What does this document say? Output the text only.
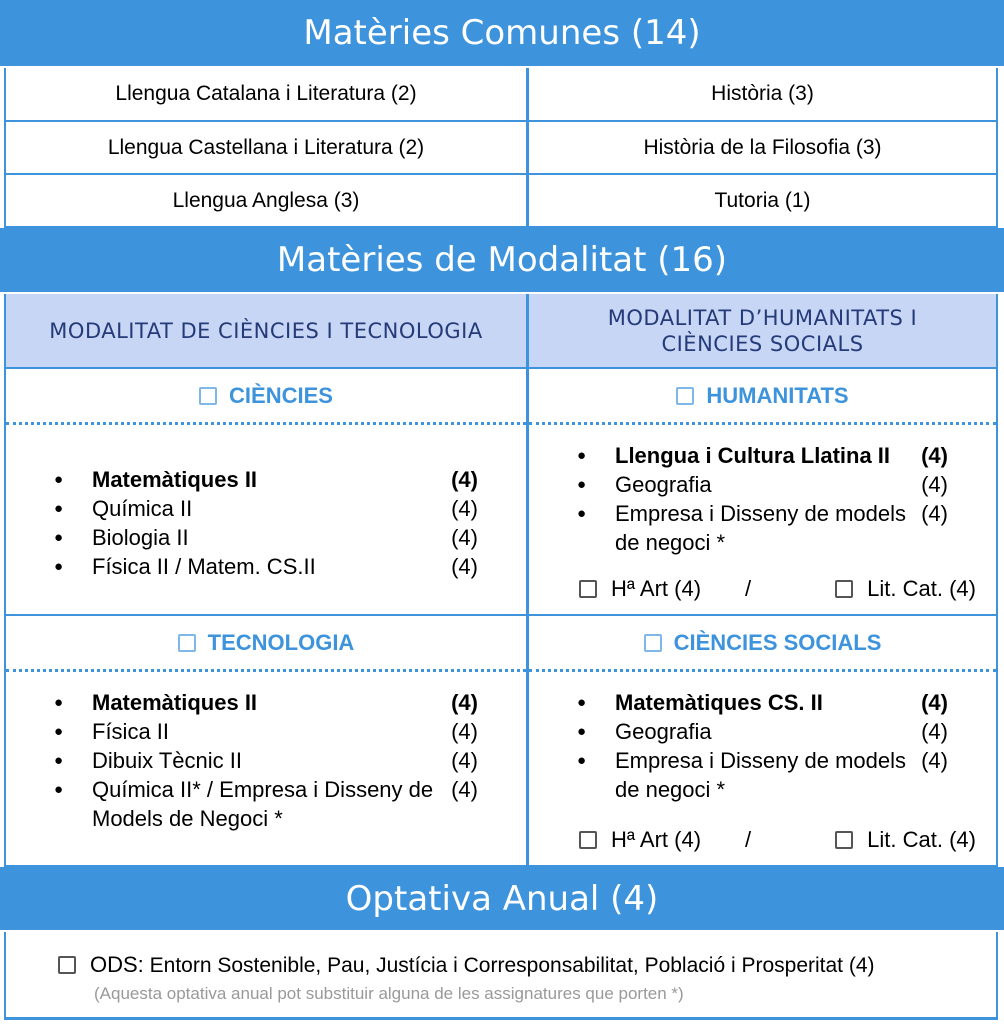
Matèries Comunes (14)
Llengua Catalana i Literatura (2)	Història (3)
Llengua Castellana i Literatura (2)	Història de la Filosofia (3)
Llengua Anglesa (3)	Tutoria (1)
Matèries de Modalitat (16)
MODALITAT DE CIÈNCIES I TECNOLOGIA
MODALITAT D’HUMANITATS I CIÈNCIES SOCIALS
CIÈNCIES
● Matemàtiques II	(4)
● Química II	(4)
● Biologia II	(4)
● Física II / Matem. CS.II	(4)
HUMANITATS
● Llengua i Cultura Llatina II	(4)
● Geografia	(4)
● Empresa i Disseny de models de negoci *
(4)
Hª Art (4) /	Lit. Cat. (4)
TECNOLOGIA
● Matemàtiques II	(4)
● Física II	(4)
● Dibuix Tècnic II	(4)
● Química II* / Empresa i Disseny de Models de Negoci *
(4)
CIÈNCIES SOCIALS
● Matemàtiques CS. II	(4)
● Geografia	(4)
● Empresa i Disseny de models de negoci *
(4)
Hª Art (4) /	Lit. Cat. (4)
Optativa Anual (4)
ODS: Entorn Sostenible, Pau, Justícia i Corresponsabilitat, Població i Prosperitat (4)
(Aquesta optativa anual pot substituir alguna de les assignatures que porten *)
